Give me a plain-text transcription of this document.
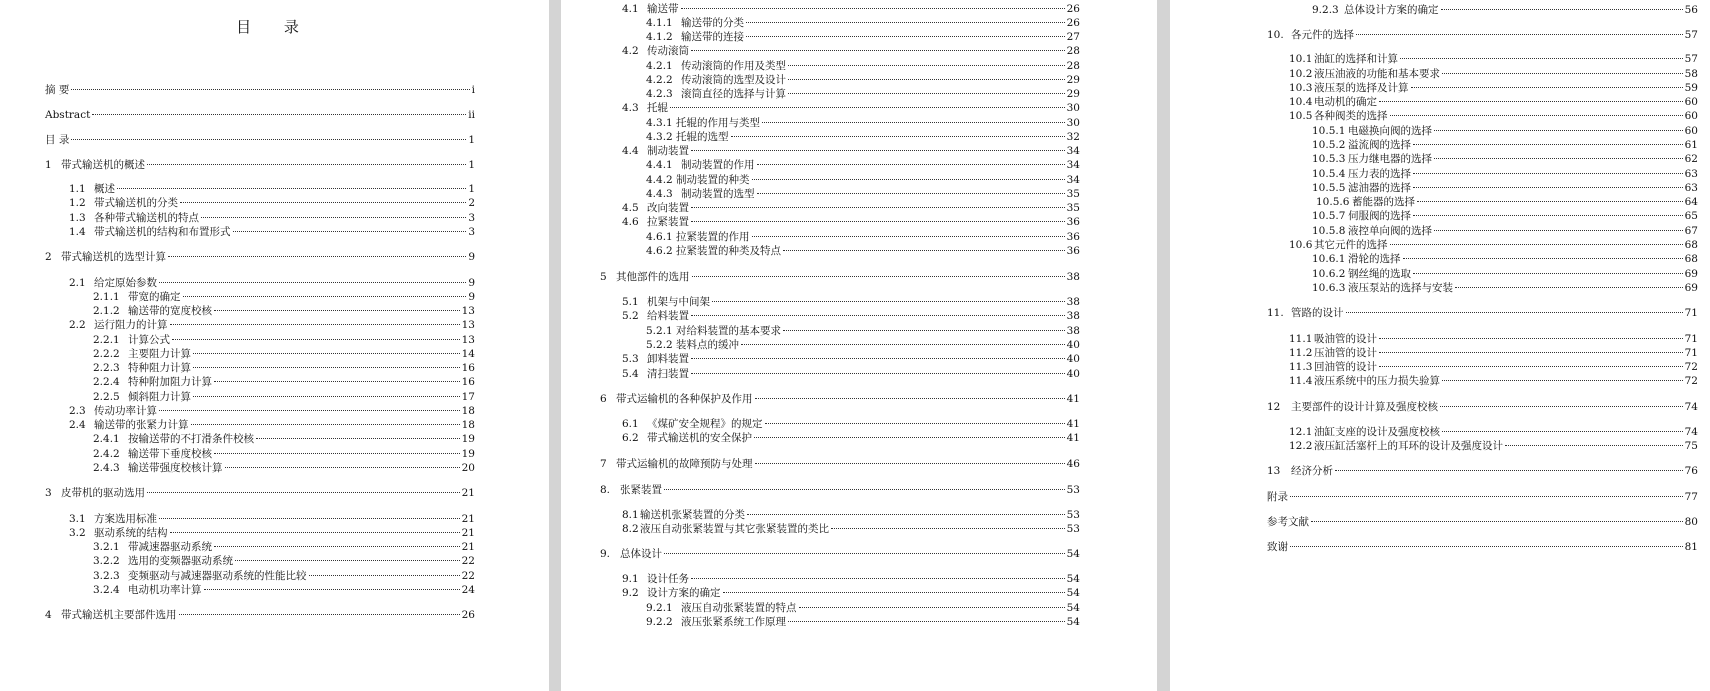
目 录
摘 要	i
Abstract	ii
目 录	1
1 带式输送机的概述	1
1.1 概述	1
1.2 带式输送机的分类	2
1.3 各种带式输送机的特点	3
1.4 带式输送机的结构和布置形式	3
2 带式输送机的选型计算	9
2.1 给定原始参数	9
2.1.1 带宽的确定	9
2.1.2 输送带的宽度校核	13
2.2 运行阻力的计算	13
2.2.1 计算公式	13
2.2.2 主要阻力计算	14
2.2.3 特种阻力计算	16
2.2.4 特种附加阻力计算	16
2.2.5 倾斜阻力计算	17
2.3 传动功率计算	18
2.4 输送带的张紧力计算	18
2.4.1 按输送带的不打滑条件校核	19
2.4.2 输送带下垂度校核	19
2.4.3 输送带强度校核计算	20
3 皮带机的驱动选用	21
3.1 方案选用标准	21
3.2 驱动系统的结构	21
3.2.1 带减速器驱动系统	21
3.2.2 选用的变频器驱动系统	22
3.2.3 变频驱动与减速器驱动系统的性能比较	22
3.2.4 电动机功率计算	24
4 带式输送机主要部件选用	26
4.1 输送带	26
4.1.1 输送带的分类	26
4.1.2 输送带的连接	27
4.2 传动滚筒	28
4.2.1 传动滚筒的作用及类型	28
4.2.2 传动滚筒的选型及设计	29
4.2.3 滚筒直径的选择与计算	29
4.3 托辊	30
4.3.1 托辊的作用与类型	30
4.3.2 托辊的选型	32
4.4 制动装置	34
4.4.1 制动装置的作用	34
4.4.2 制动装置的种类	34
4.4.3 制动装置的选型	35
4.5 改向装置	35
4.6 拉紧装置	36
4.6.1 拉紧装置的作用	36
4.6.2 拉紧装置的种类及特点	36
5 其他部件的选用	38
5.1 机架与中间架	38
5.2 给料装置	38
5.2.1 对给料装置的基本要求	38
5.2.2 装料点的缓冲	40
5.3 卸料装置	40
5.4 清扫装置	40
6 带式运输机的各种保护及作用	41
6.1 《煤矿安全规程》的规定	41
6.2 带式输送机的安全保护	41
7 带式运输机的故障预防与处理	46
8. 张紧装置	53
8.1 输送机张紧装置的分类	53
8.2 液压自动张紧装置与其它张紧装置的类比	53
9. 总体设计	54
9.1 设计任务	54
9.2 设计方案的确定	54
9.2.1 液压自动张紧装置的特点	54
9.2.2 液压张紧系统工作原理	54
9.2.3 总体设计方案的确定	56
10. 各元件的选择	57
10.1 油缸的选择和计算	57
10.2 液压油液的功能和基本要求	58
10.3 液压泵的选择及计算	59
10.4 电动机的确定	60
10.5 各种阀类的选择	60
10.5.1 电磁换向阀的选择	60
10.5.2 溢流阀的选择	61
10.5.3 压力继电器的选择	62
10.5.4 压力表的选择	63
10.5.5 滤油器的选择	63
10.5.6 蓄能器的选择	64
10.5.7 伺服阀的选择	65
10.5.8 液控单向阀的选择	67
10.6 其它元件的选择	68
10.6.1 滑轮的选择	68
10.6.2 钢丝绳的选取	69
10.6.3 液压泵站的选择与安装	69
11. 管路的设计	71
11.1 吸油管的设计	71
11.2 压油管的设计	71
11.3 回油管的设计	72
11.4 液压系统中的压力损失验算	72
12	主要部件的设计计算及强度校核	74
12.1 油缸支座的设计及强度校核	74
12.2 液压缸活塞杆上的耳环的设计及强度设计	75
13	经济分析	76
附录	77
参考文献	80
致谢	81
